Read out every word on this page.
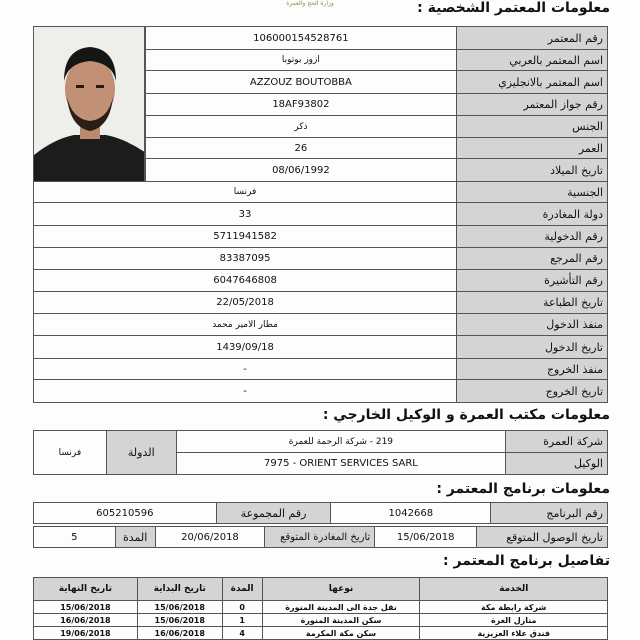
وزارة الحج والعمرة	معلومات المعتمر الشخصية :
	106000154528761	رقم المعتمر
	ازوز بوتوبا	اسم المعتمر بالعربي
	AZZOUZ BOUTOBBA	اسم المعتمر بالانجليزي
	18AF93802	رقم جواز المعتمر
	ذكر	الجنس
	26	العمر
	08/06/1992	تاريخ الميلاد
فرنسا		الجنسية
33		دولة المغادرة
5711941582		رقم الدخولية
83387095		رقم المرجع
6047646808		رقم التأشيرة
22/05/2018		تاريخ الطباعة
مطار الامير محمد		منفذ الدخول
1439/09/18		تاريخ الدخول
-		منفذ الخروج
-		تاريخ الخروج
معلومات مكتب العمرة و الوكيل الخارجي :
فرنسا	الدولة	219 - شركة الرحمة للعمرة	شركة العمرة
		7975 - ORIENT SERVICES SARL	الوكيل
معلومات برنامج المعتمر :
605210596	رقم المجموعة	1042668	رقم البرنامج
5	المدة	20/06/2018	تاريخ المغادرة المتوقع	15/06/2018	تاريخ الوصول المتوقع
تفاصيل برنامج المعتمر :
تاريخ النهاية	تاريخ البداية	المدة	نوعها	الخدمة
15/06/2018	15/06/2018	0	نقل جدة الى المدينة المنورة	شركة رابطة مكة
16/06/2018	15/06/2018	1	سكن المدينة المنورة	منازل الغرة
19/06/2018	16/06/2018	4	سكن مكة المكرمة	فندق علاء العزيزية
